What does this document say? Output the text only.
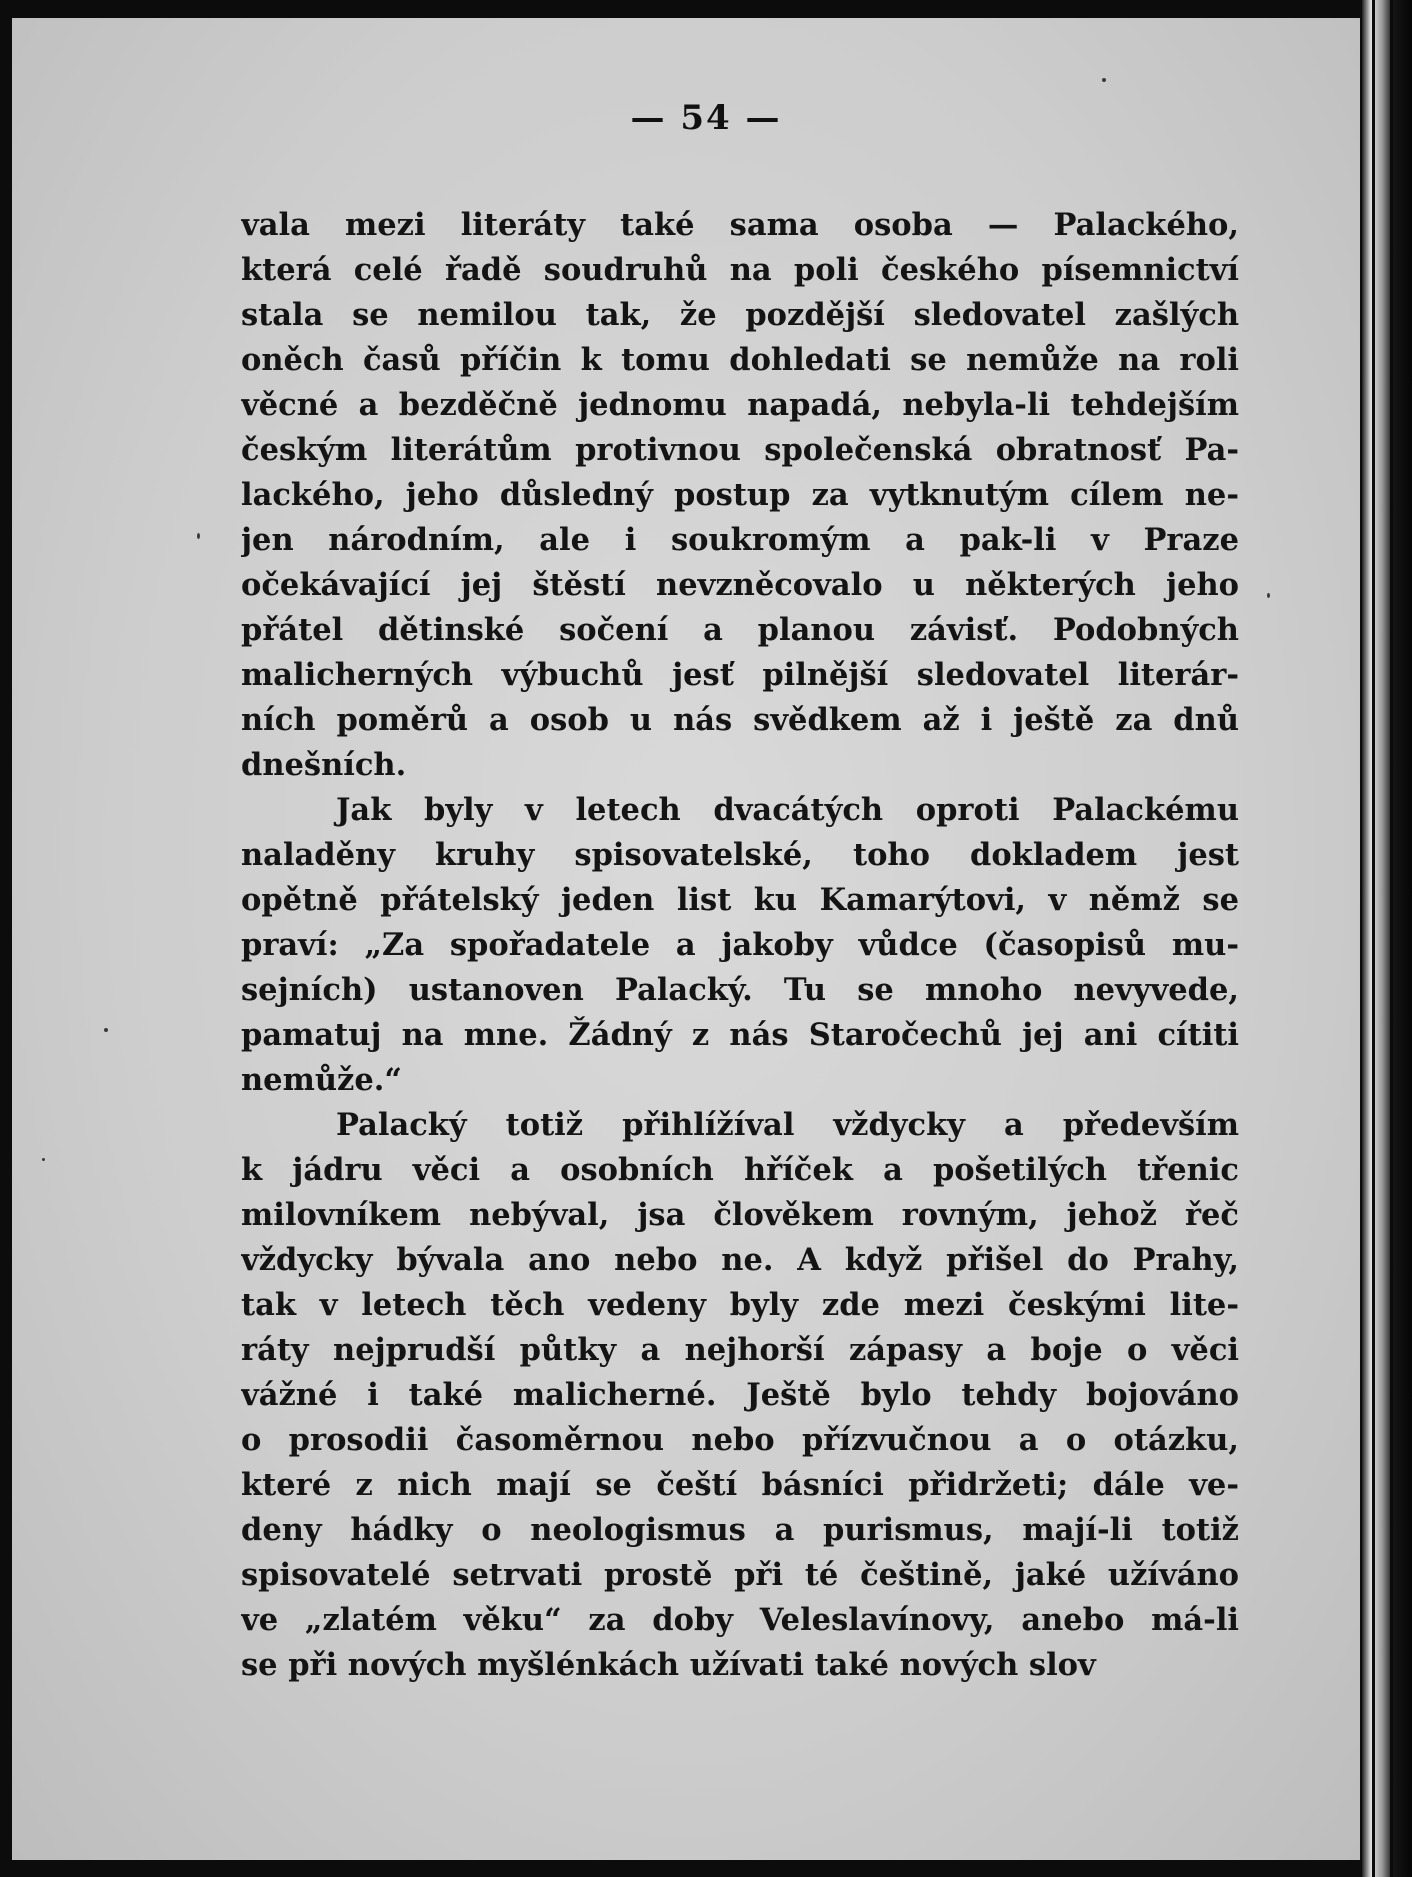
— 54 —
vala mezi literáty také sama osoba — Palackého,
která celé řadě soudruhů na poli českého písemnictví
stala se nemilou tak, že pozdější sledovatel zašlých
oněch časů příčin k tomu dohledati se nemůže na roli
věcné a bezděčně jednomu napadá, nebyla-li tehdejším
českým literátům protivnou společenská obratnosť Pa-
lackého, jeho důsledný postup za vytknutým cílem ne-
jen národním, ale i soukromým a pak-li v Praze
očekávající jej štěstí nevzněcovalo u některých jeho
přátel dětinské sočení a planou závisť. Podobných
malicherných výbuchů jesť pilnější sledovatel literár-
ních poměrů a osob u nás svědkem až i ještě za dnů
dnešních.
Jak byly v letech dvacátých oproti Palackému
naladěny kruhy spisovatelské, toho dokladem jest
opětně přátelský jeden list ku Kamarýtovi, v němž se
praví: „Za spořadatele a jakoby vůdce (časopisů mu-
sejních) ustanoven Palacký. Tu se mnoho nevyvede,
pamatuj na mne. Žádný z nás Staročechů jej ani cítiti
nemůže.“
Palacký totiž přihlížíval vždycky a především
k jádru věci a osobních hříček a pošetilých třenic
milovníkem nebýval, jsa člověkem rovným, jehož řeč
vždycky bývala ano nebo ne. A když přišel do Prahy,
tak v letech těch vedeny byly zde mezi českými lite-
ráty nejprudší půtky a nejhorší zápasy a boje o věci
vážné i také malicherné. Ještě bylo tehdy bojováno
o prosodii časoměrnou nebo přízvučnou a o otázku,
které z nich mají se čeští básníci přidržeti; dále ve-
deny hádky o neologismus a purismus, mají-li totiž
spisovatelé setrvati prostě při té češtině, jaké užíváno
ve „zlatém věku“ za doby Veleslavínovy, anebo má-li
se při nových myšlénkách užívati také nových slov
